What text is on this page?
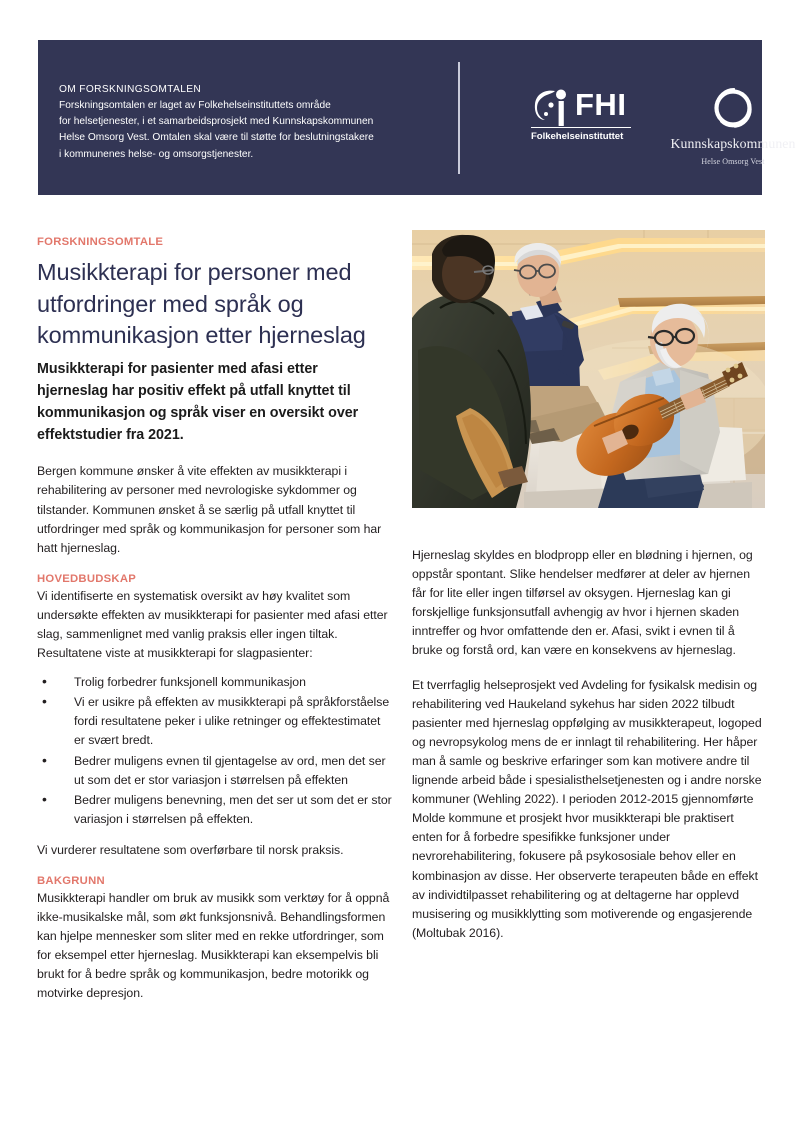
OM FORSKNINGSOMTALEN
Forskningsomtalen er laget av Folkehelseinstituttets område
for helsetjenester, i et samarbeidsprosjekt med Kunnskapskommunen
Helse Omsorg Vest. Omtalen skal være til støtte for beslutningstakere
i kommunenes helse- og omsorgstjenester.
FHI
Folkehelseinstituttet	Kunnskapskommunen
Helse Omsorg Vest
FORSKNINGSOMTALE
Musikkterapi for personer med utfordringer med språk og kommunikasjon etter hjerneslag

Musikkterapi for pasienter med afasi etter hjerneslag har positiv effekt på utfall knyttet til kommunikasjon og språk viser en oversikt over effektstudier fra 2021.

Bergen kommune ønsker å vite effekten av musikkterapi i rehabilitering av personer med nevrologiske sykdommer og tilstander. Kommunen ønsket å se særlig på utfall knyttet til utfordringer med språk og kommunikasjon for personer som har hatt hjerneslag.

HOVEDBUDSKAP

Vi identifiserte en systematisk oversikt av høy kvalitet som undersøkte effekten av musikkterapi for pasienter med afasi etter slag, sammenlignet med vanlig praksis eller ingen tiltak. Resultatene viste at musikkterapi for slagpasienter:

• Trolig forbedrer funksjonell kommunikasjon
• Vi er usikre på effekten av musikkterapi på språkforståelse fordi resultatene peker i ulike retninger og effektestimatet er svært bredt.
• Bedrer muligens evnen til gjentagelse av ord, men det ser ut som det er stor variasjon i størrelsen på effekten
• Bedrer muligens benevning, men det ser ut som det er stor variasjon i størrelsen på effekten.

Vi vurderer resultatene som overførbare til norsk praksis.

BAKGRUNN

Musikkterapi handler om bruk av musikk som verktøy for å oppnå ikke-musikalske mål, som økt funksjonsnivå. Behandlingsformen kan hjelpe mennesker som sliter med en rekke utfordringer, som for eksempel etter hjerneslag. Musikkterapi kan eksempelvis bli brukt for å bedre språk og kommunikasjon, bedre motorikk og motvirke depresjon.

Hjerneslag skyldes en blodpropp eller en blødning i hjernen, og oppstår spontant. Slike hendelser medfører at deler av hjernen får for lite eller ingen tilførsel av oksygen. Hjerneslag kan gi forskjellige funksjonsutfall avhengig av hvor i hjernen skaden inntreffer og hvor omfattende den er. Afasi, svikt i evnen til å bruke og forstå ord, kan være en konsekvens av hjerneslag.

Et tverrfaglig helseprosjekt ved Avdeling for fysikalsk medisin og rehabilitering ved Haukeland sykehus har siden 2022 tilbudt pasienter med hjerneslag oppfølging av musikkterapeut, logoped og nevropsykolog mens de er innlagt til rehabilitering. Her håper man å samle og beskrive erfaringer som kan motivere andre til lignende arbeid både i spesialisthelsetjenesten og i andre norske kommuner (Wehling 2022). I perioden 2012-2015 gjennomførte Molde kommune et prosjekt hvor musikkterapi ble praktisert enten for å forbedre spesifikke funksjoner under nevrorehabilitering, fokusere på psykososiale behov eller en kombinasjon av disse. Her observerte terapeuten både en effekt av individtilpasset rehabilitering og at deltagerne har opplevd musisering og musikklytting som motiverende og engasjerende (Moltubak 2016).
